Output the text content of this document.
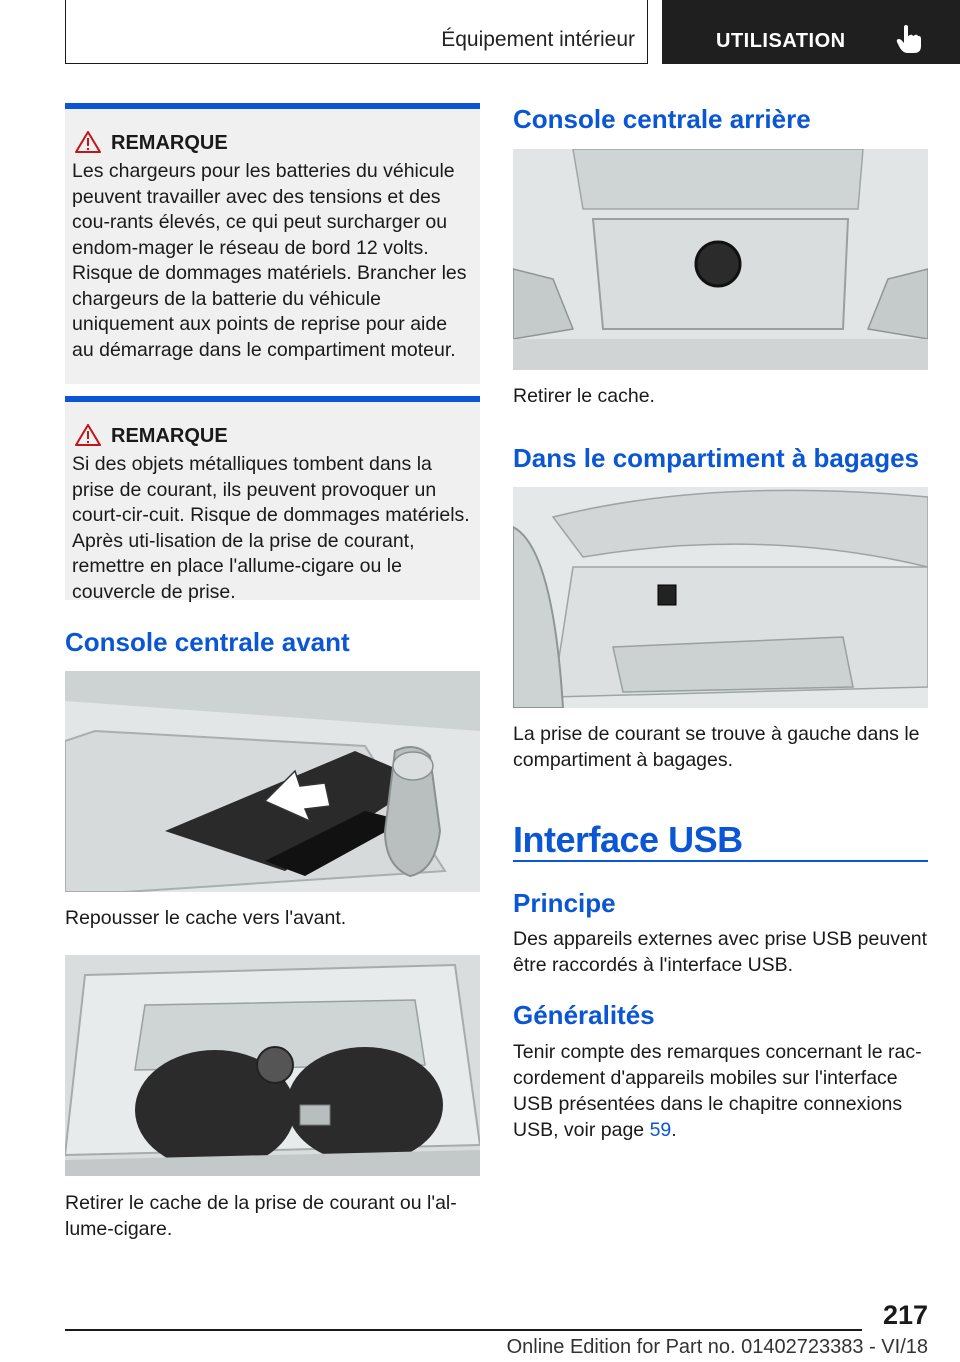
Équipement intérieur	UTILISATION
REMARQUE
Les chargeurs pour les batteries du véhicule peuvent travailler avec des tensions et des cou-rants élevés, ce qui peut surcharger ou endom-mager le réseau de bord 12 volts. Risque de dommages matériels. Brancher les chargeurs de la batterie du véhicule uniquement aux points de reprise pour aide au démarrage dans le compartiment moteur.
REMARQUE
Si des objets métalliques tombent dans la prise de courant, ils peuvent provoquer un court-cir-cuit. Risque de dommages matériels. Après uti-lisation de la prise de courant, remettre en place l'allume-cigare ou le couvercle de prise.
Console centrale avant
Repousser le cache vers l'avant.
Retirer le cache de la prise de courant ou l'al-lume-cigare.
Console centrale arrière
Retirer le cache.
Dans le compartiment à bagages
La prise de courant se trouve à gauche dans le compartiment à bagages.
Interface USB
Principe
Des appareils externes avec prise USB peuvent être raccordés à l'interface USB.
Généralités
Tenir compte des remarques concernant le rac-cordement d'appareils mobiles sur l'interface USB présentées dans le chapitre connexions USB, voir page 59.
217
Online Edition for Part no. 01402723383 - VI/18
